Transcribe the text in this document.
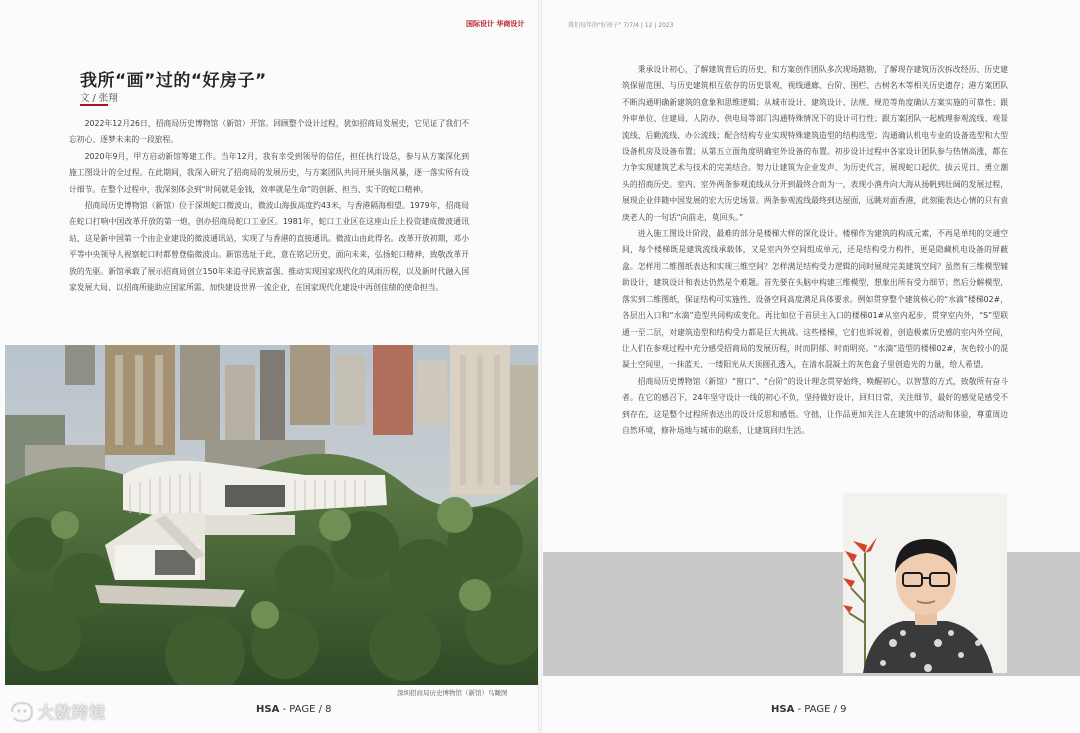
国际设计 华商设计	我们每年的"好房子" 7/7/4 | 12 | 2023
我所“画”过的“好房子”
文 / 张翔

2022年12月26日，招商局历史博物馆（新馆）开馆。回顾整个设计过程，犹如招商局发展史，它见证了我们不忘初心、逐梦未来的一段旅程。

2020年9月，甲方启动新馆筹建工作。当年12月，我有幸受到领导的信任，担任执行设总，参与从方案深化到施工图设计的全过程。在此期间，我深入研究了招商局的发展历史，与方案团队共同开展头脑风暴，逐一落实所有设计细节。在整个过程中，我深刻体会到“时间就是金钱，效率就是生命”的创新、担当、实干的蛇口精神。

招商局历史博物馆（新馆）位于深圳蛇口微波山，微波山海拔高度约43米，与香港隔海相望。1979年，招商局在蛇口打响中国改革开放的第一炮，创办招商局蛇口工业区。1981年，蛇口工业区在这座山丘上投资建成微波通讯站，这是新中国第一个由企业建设的微波通讯站，实现了与香港的直接通讯。微波山由此得名。改革开放初期，邓小平等中央领导人视察蛇口时都曾登临微波山。新馆选址于此，意在铭记历史，面向未来，弘扬蛇口精神，致敬改革开放的先驱。新馆承载了展示招商局创立150年来追寻民族富强、推动实现国家现代化的风雨历程，以及新时代融入国家发展大局、以招商所能助应国家所需、加快建设世界一流企业，在国家现代化建设中再创佳绩的使命担当。

深圳招商局历史博物馆（新馆）鸟瞰图
HSA - PAGE / 8

秉承设计初心，了解建筑背后的历史，和方案创作团队多次现场踏勘，了解现存建筑历次拆改经历、历史建筑保留范围、与历史建筑相互依存的历史景观，视线通廊、台阶、围栏、古树名木等相关历史遗存；港方案团队不断沟通明确新建筑的意象和思维逻辑；从城市设计、建筑设计、法规、规范等角度确认方案实施的可靠性；跟外审单位、住建局、人防办、供电局等部门沟通特殊情况下的设计可行性；跟方案团队一起梳理参观流线、观景流线、后勤流线、办公流线；配合结构专业实现特殊建筑造型的结构选型；沟通确认机电专业的设备选型和大型设备机房及设备布置；从第五立面角度明确室外设备的布置。初步设计过程中各家设计团队参与热情高涨，都在力争实现建筑艺术与技术的完美结合。努力让建筑为企业发声、为历史代言，展现蛇口起伏、拔云见日、勇立潮头的招商历史。室内、室外两条参观流线从分开到最终合而为一，表现小渔舟向大海从扬帆到壮阔的发展过程，展现企业伴随中国发展的宏大历史场景。两条参观流线最终到达屋面，远眺对面香港，此刻能表达心情的只有袁庚老人的一句话“向前走，莫回头。”

进入施工图设计阶段，最难的部分是楼梯大样的深化设计。楼梯作为建筑的构成元素，不再是单纯的交通空间，每个楼梯既是建筑流线承载体，又是室内外空间组成单元，还是结构受力构件，更是隐藏机电设备的屏蔽盒。怎样用二维图纸表达和实现三维空间？怎样满足结构受力逻辑的同时展现完美建筑空间？虽然有三维模型辅助设计，建筑设计和表达仍然是个难题。首先要在头脑中构建三维模型，想象出所有受力细节；然后分解模型，落实到二维图纸，保证结构可实施性、设备空间高度满足具体要求。例如贯穿整个建筑核心的“水滴”楼梯02#，各层出入口和“水滴”造型共同构成变化。再比如位于首层主入口的楼梯01#从室内起步，贯穿室内外，“S”型联通一至二层，对建筑造型和结构受力都是巨大挑战。这些楼梯，它们也诉说着，创造极素历史感的室内外空间，让人们在参观过程中充分感受招商局的发展历程，时而阴郁、时而明亮。“水滴”造型的楼梯02#，灰色较小的混凝土空间里，一抹蓝天、一缕阳光从天顶圆孔透入，在清水混凝土的灰色盒子里创造光的力量，给人希望。

招商局历史博物馆（新馆）“窗口”、“台阶”的设计理念贯穿始终，唤醒初心，以智慧的方式，致敬所有奋斗者。在它的感召下，24年坚守设计一线的初心不负，坚持做好设计，回归日常，关注细节，最好的感觉是感受不到存在，这是整个过程所表达出的设计反思和感悟。守拙，让作品更加关注人在建筑中的活动和体验，尊重周边自然环境，修补场地与城市的联系，让建筑回归生活。

HSA - PAGE / 9
大数跨境
